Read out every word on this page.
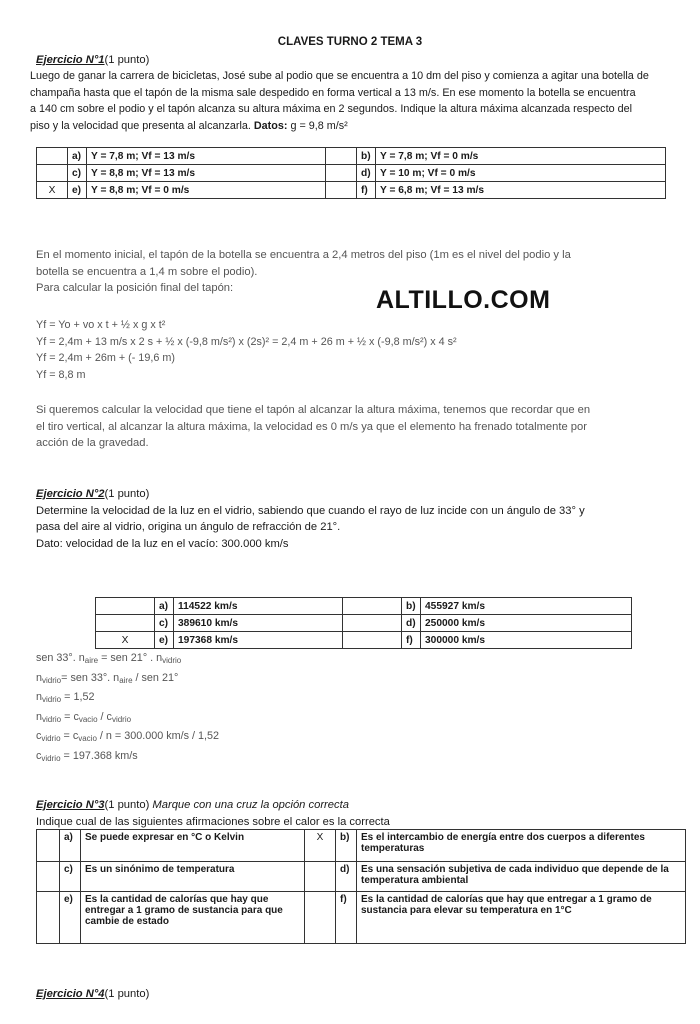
CLAVES TURNO 2 TEMA 3
Ejercicio N°1(1 punto)
Luego de ganar la carrera de bicicletas, José sube al podio que se encuentra a 10 dm del piso y comienza a agitar una botella de
champaña hasta que el tapón de la misma sale despedido en forma vertical a 13 m/s. En ese momento la botella se encuentra
a 140 cm sobre el podio y el tapón alcanza su altura máxima en 2 segundos. Indique la altura máxima alcanzada respecto del
piso y la velocidad que presenta al alcanzarla. Datos: g = 9,8 m/s²
	a)	Y = 7,8 m; Vf = 13 m/s		b)	Y = 7,8 m; Vf = 0 m/s
	c)	Y = 8,8 m; Vf = 13 m/s		d)	Y = 10 m; Vf = 0 m/s
X	e)	Y = 8,8 m; Vf = 0 m/s		f)	Y = 6,8 m; Vf = 13 m/s
En el momento inicial, el tapón de la botella se encuentra a 2,4 metros del piso (1m es el nivel del podio y la
botella se encuentra a 1,4 m sobre el podio).
Para calcular la posición final del tapón:	ALTILLO.COM
Yf = Yo + vo x t + ½ x g x t²
Yf = 2,4m + 13 m/s x 2 s + ½ x (-9,8 m/s²) x (2s)² = 2,4 m + 26 m + ½ x (-9,8 m/s²) x 4 s²
Yf = 2,4m + 26m + (- 19,6 m)
Yf = 8,8 m
Si queremos calcular la velocidad que tiene el tapón al alcanzar la altura máxima, tenemos que recordar que en
el tiro vertical, al alcanzar la altura máxima, la velocidad es 0 m/s ya que el elemento ha frenado totalmente por
acción de la gravedad.
Ejercicio N°2(1 punto)
Determine la velocidad de la luz en el vidrio, sabiendo que cuando el rayo de luz incide con un ángulo de 33° y
pasa del aire al vidrio, origina un ángulo de refracción de 21°.
Dato: velocidad de la luz en el vacío: 300.000 km/s
	a)	114522 km/s		b)	455927 km/s
	c)	389610 km/s		d)	250000 km/s
X	e)	197368 km/s		f)	300000 km/s
sen 33°. $n_{aire}$ = sen 21° . $n_{vidrio}$
$n_{vidrio}=$ sen 33°. $n_{aire}$ / sen 21°
$n_{vidrio} = 1,52$
$n_{vidrio} = c_{vacio} / c_{vidrio}$
$c_{vidrio} = c_{vacio} / n = 300.000$ km/s / 1,52
$c_{vidrio} = 197.368$ km/s
Ejercicio N°3(1 punto) Marque con una cruz la opción correcta
Indique cual de las siguientes afirmaciones sobre el calor es la correcta
	a)	Se puede expresar en °C o Kelvin	X	b)	Es el intercambio de energía entre dos cuerpos a diferentes temperaturas
	c)	Es un sinónimo de temperatura		d)	Es una sensación subjetiva de cada individuo que depende de la temperatura ambiental
	e)	Es la cantidad de calorías que hay que entregar a 1 gramo de sustancia para que cambie de estado		f)	Es la cantidad de calorías que hay que entregar a 1 gramo de sustancia para elevar su temperatura en 1°C
Ejercicio N°4(1 punto)
